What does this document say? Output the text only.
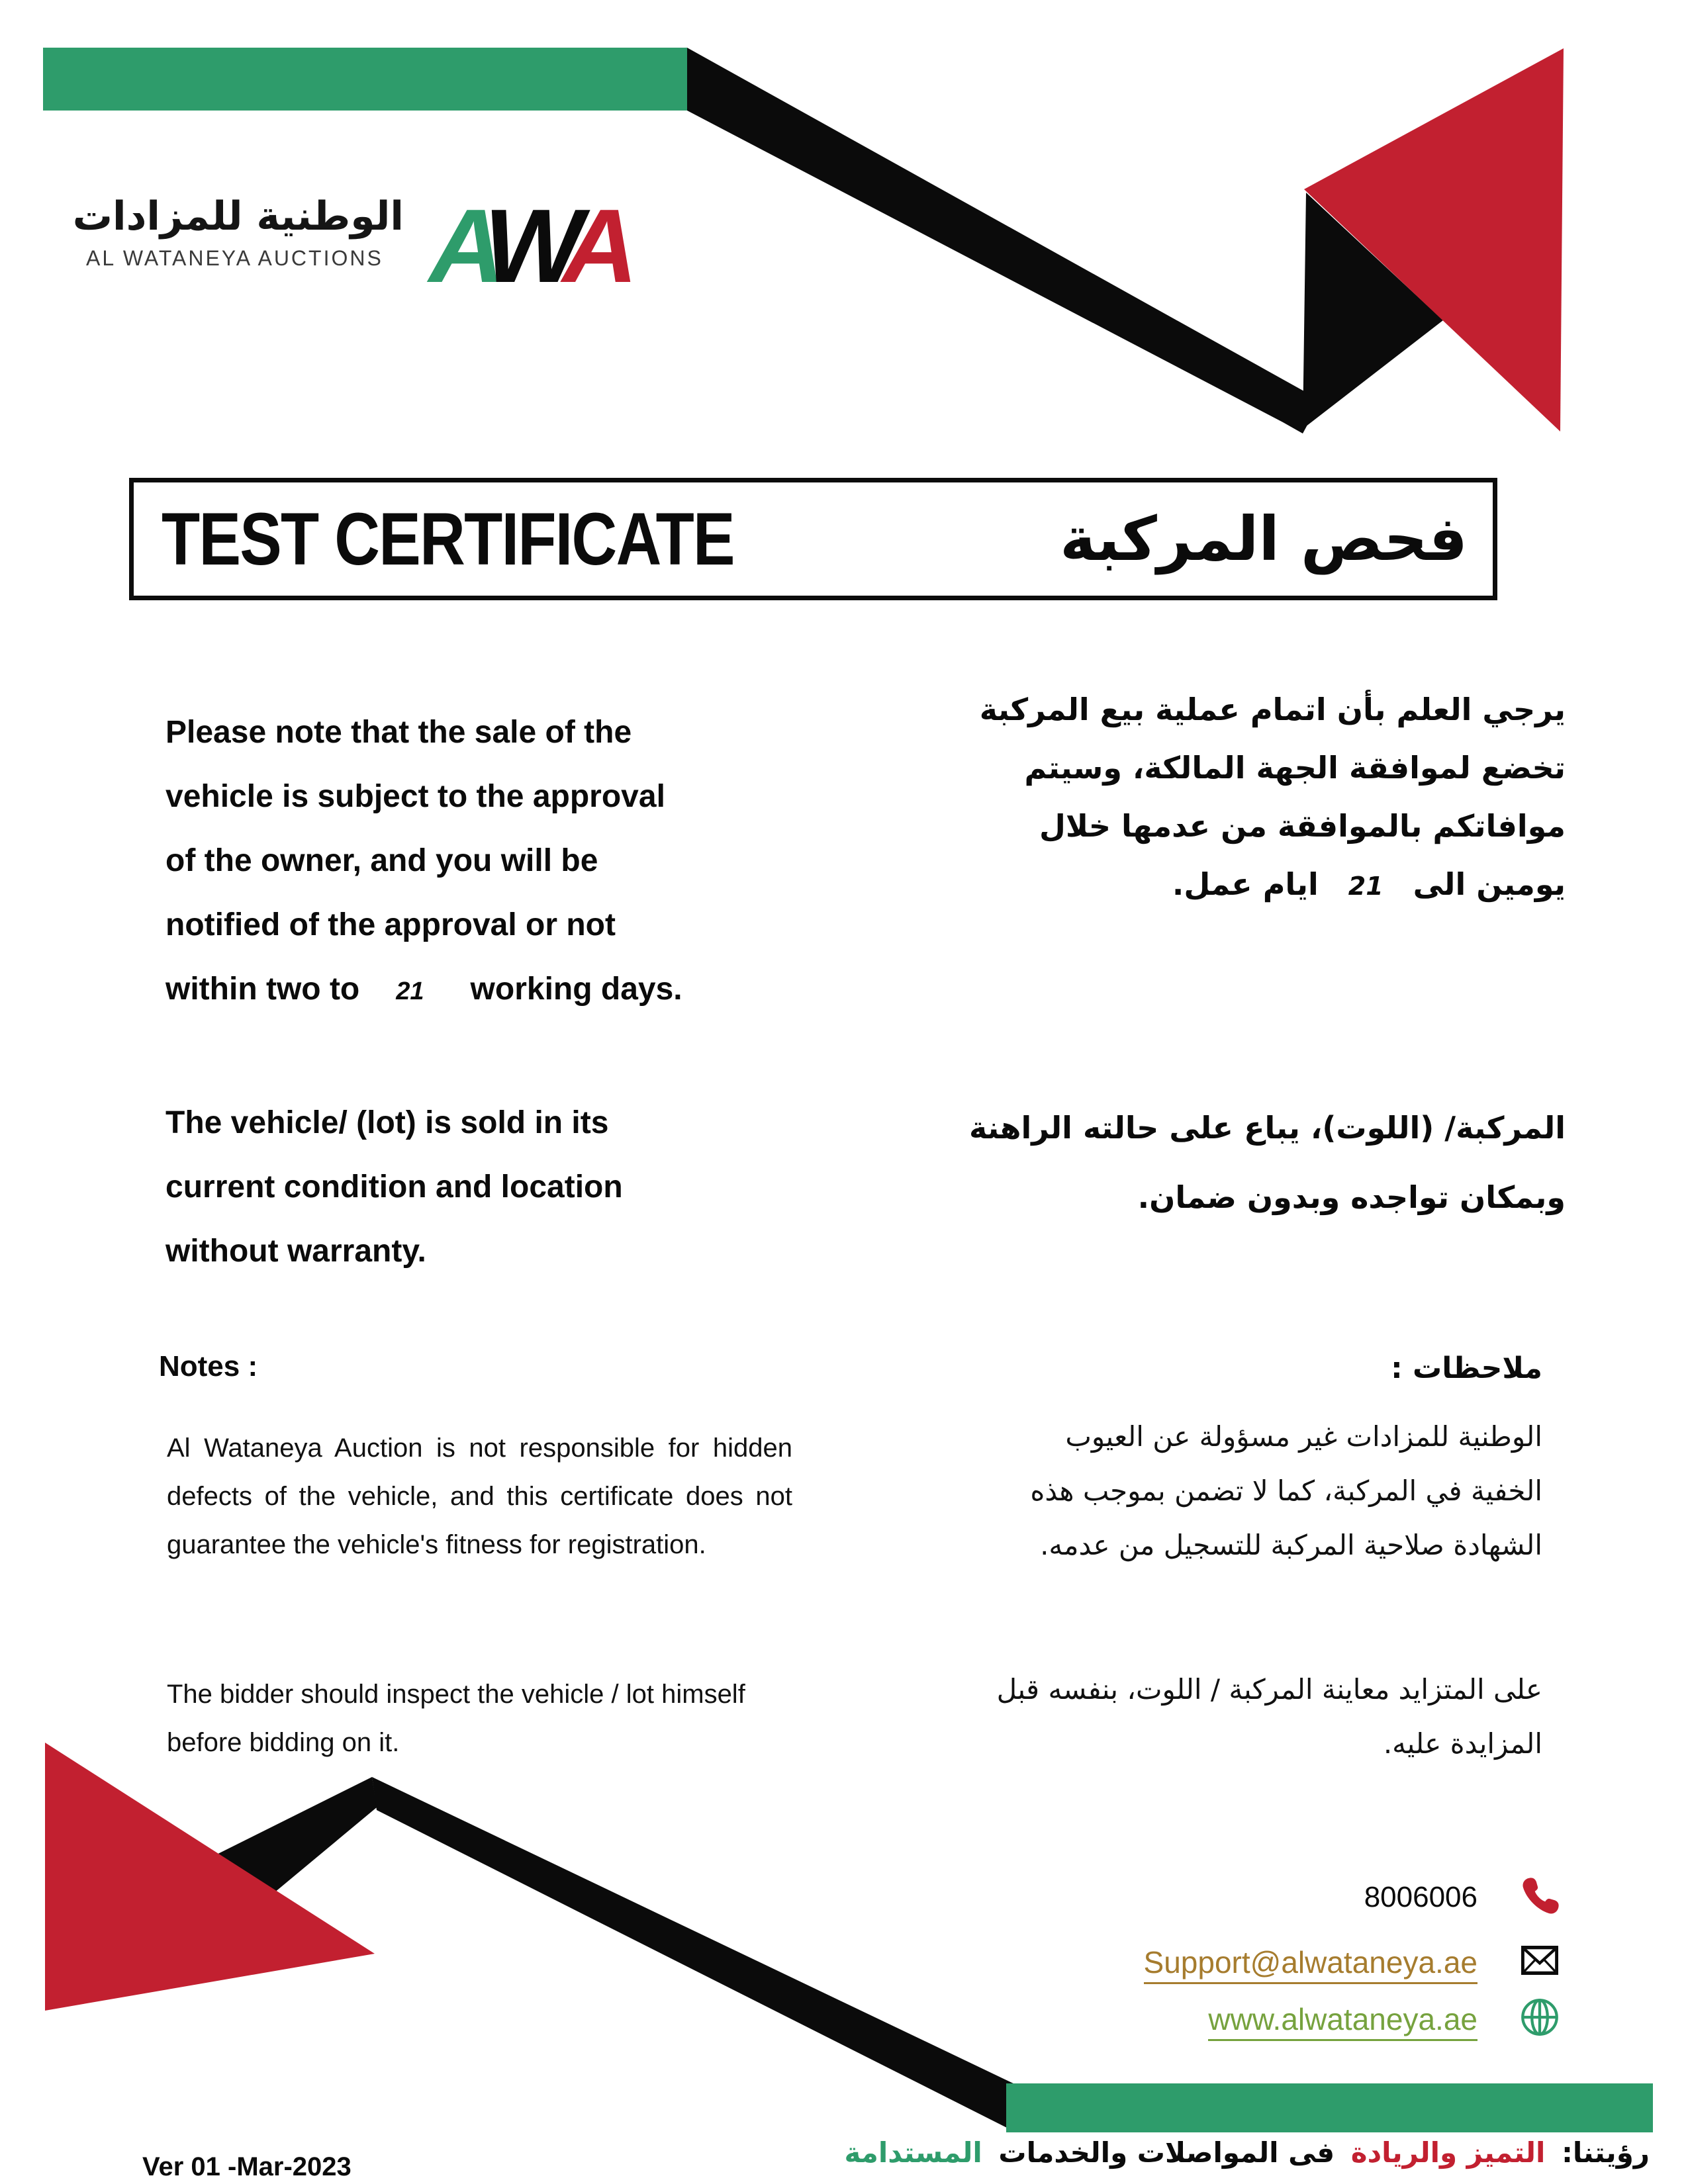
الوطنية للمزادات
AL WATANEYA AUCTIONS AWA
TEST CERTIFICATE	فحص المركبة
Please note that the sale of the
vehicle is subject to the approval
of the owner, and you will be
notified of the approval or not
within two to 21 working days.
يرجي العلم بأن اتمام عملية بيع المركبة
تخضع لموافقة الجهة المالكة، وسيتم
موافاتكم بالموافقة من عدمها خلال
يومين الى21ايام عمل.
The vehicle/ (lot) is sold in its
current condition and location
without warranty.
المركبة/ (اللوت)، يباع على حالته الراهنة
وبمكان تواجده وبدون ضمان.
Notes :	ملاحظات :
Al Wataneya Auction is not responsible for hidden defects of the vehicle, and this certificate does not guarantee the vehicle's fitness for registration.
The bidder should inspect the vehicle / lot himself before bidding on it.
الوطنية للمزادات غير مسؤولة عن العيوب
الخفية في المركبة، كما لا تضمن بموجب هذه
الشهادة صلاحية المركبة للتسجيل من عدمه.
على المتزايد معاينة المركبة / اللوت، بنفسه قبل
المزايدة عليه.
8006006
Support@alwataneya.ae
www.alwataneya.ae
Ver 01 -Mar-2023	رؤيتنا: التميز والريادة فى المواصلات والخدمات المستدامة
